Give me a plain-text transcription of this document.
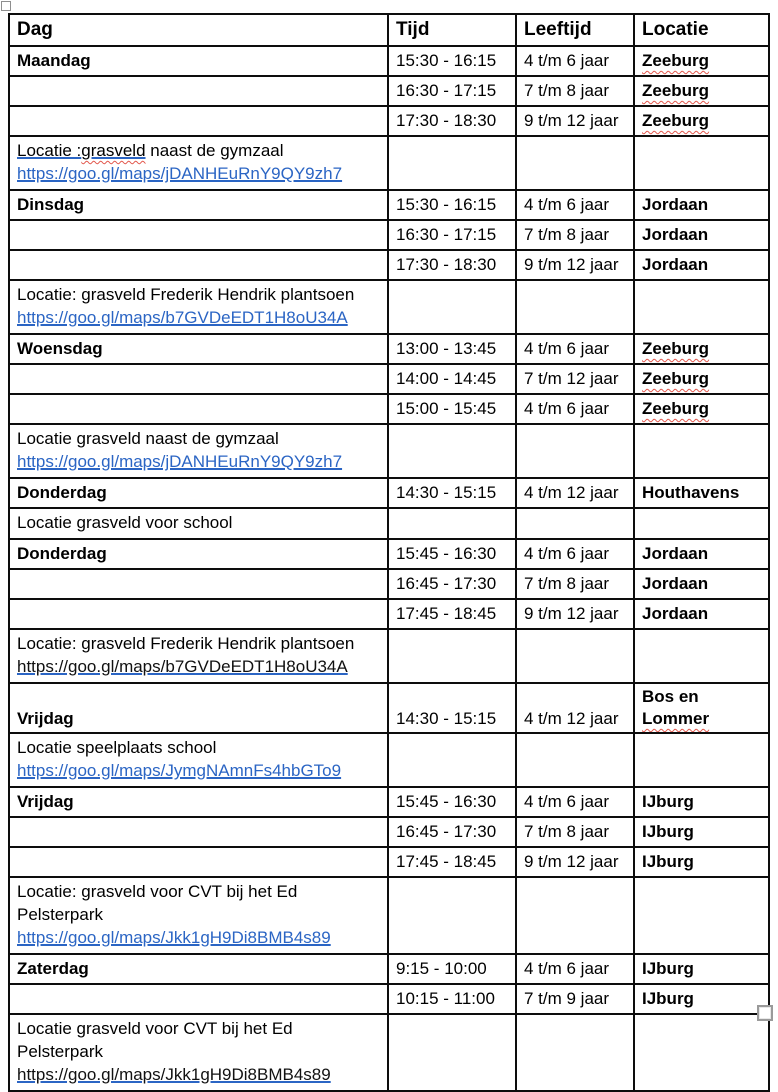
Dag	Tijd	Leeftijd	Locatie
Maandag	15:30 - 16:15	4 t/m 6 jaar	Zeeburg
	16:30 - 17:15	7 t/m 8 jaar	Zeeburg
	17:30 - 18:30	9 t/m 12 jaar	Zeeburg

Locatie :grasveld naast de gymzaal
https://goo.gl/maps/jDANHEuRnY9QY9zh7			

Dinsdag	15:30 - 16:15	4 t/m 6 jaar	Jordaan
	16:30 - 17:15	7 t/m 8 jaar	Jordaan
	17:30 - 18:30	9 t/m 12 jaar	Jordaan

Locatie: grasveld Frederik Hendrik plantsoen
https://goo.gl/maps/b7GVDeEDT1H8oU34A			

Woensdag	13:00 - 13:45	4 t/m 6 jaar	Zeeburg
	14:00 - 14:45	7 t/m 12 jaar	Zeeburg
	15:00 - 15:45	4 t/m 6 jaar	Zeeburg

Locatie grasveld naast de gymzaal
https://goo.gl/maps/jDANHEuRnY9QY9zh7			

Donderdag	14:30 - 15:15	4 t/m 12 jaar	Houthavens

Locatie grasveld voor school			

Donderdag	15:45 - 16:30	4 t/m 6 jaar	Jordaan
	16:45 - 17:30	7 t/m 8 jaar	Jordaan
	17:45 - 18:45	9 t/m 12 jaar	Jordaan

Locatie: grasveld Frederik Hendrik plantsoen
https://goo.gl/maps/b7GVDeEDT1H8oU34A			

Vrijdag	14:30 - 15:15	4 t/m 12 jaar	Bos en
Lommer

Locatie speelplaats school
https://goo.gl/maps/JymgNAmnFs4hbGTo9			

Vrijdag	15:45 - 16:30	4 t/m 6 jaar	IJburg
	16:45 - 17:30	7 t/m 8 jaar	IJburg
	17:45 - 18:45	9 t/m 12 jaar	IJburg

Locatie: grasveld voor CVT bij het Ed Pelsterpark
https://goo.gl/maps/Jkk1gH9Di8BMB4s89			

Zaterdag	9:15 - 10:00	4 t/m 6 jaar	IJburg
	10:15 - 11:00	7 t/m 9 jaar	IJburg

Locatie grasveld voor CVT bij het Ed Pelsterpark
https://goo.gl/maps/Jkk1gH9Di8BMB4s89			
